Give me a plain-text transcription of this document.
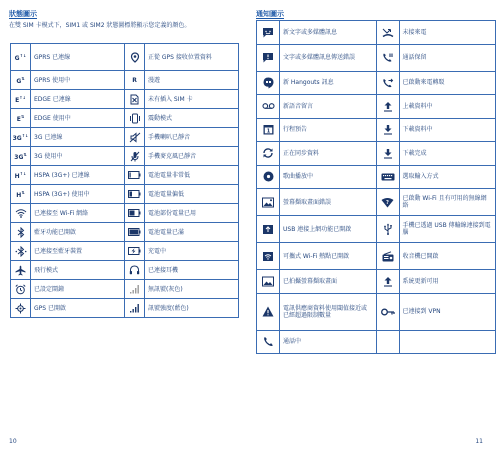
狀態圖示
在雙 SIM 卡模式下，SIM1 或 SIM2 狀態圖標將顯示您定義的顏色。
G↑↓	GPRS 已連線		正從 GPS 接收位置資料
G⇅	GPRS 使用中	R	漫遊
E↑↓	EDGE 已連線		未有插入 SIM 卡
E⇅	EDGE 使用中		震動模式
3G↑↓	3G 已連線		手機喇叭已靜音
3G⇅	3G 使用中		手機麥克風已靜音
H↑↓	HSPA (3G+) 已連線		電池電量非常低
H⇅	HSPA (3G+) 使用中		電池電量偏低

	已連接至 Wi-Fi 網絡		電池部份電量已用

	藍牙功能已開啟		電池電量已滿

	已連接至藍牙裝置		充電中

	飛行模式		已連接耳機

	已設定鬧鐘		無訊號(灰色)

	GPS 已開啟		訊號強度(藍色)
10
通知圖示
	新文字或多媒體訊息		未接來電

	文字或多媒體訊息傳送錯誤		通話保留

	新 Hangouts 訊息		已啟動來電轉駁

	新語音留言		上載資料中

1	行程預告		下載資料中

	正在同步資料		下載完成

	歌曲播放中		選取輸入方式

	螢幕擷取畫面錯誤	?	已啟動 Wi-Fi 且有可用的無線網絡

	USB 連接上網功能已開啟		手機已透過 USB 傳輸線連接到電腦

	可攜式 Wi-Fi 熱點已開啟		收音機已開啟

	已拍攝螢幕擷取畫面		系統更新可用

	電訊供應商資料使用閾值接近或已經超過限制數量		已連接到 VPN

	通話中		
11
